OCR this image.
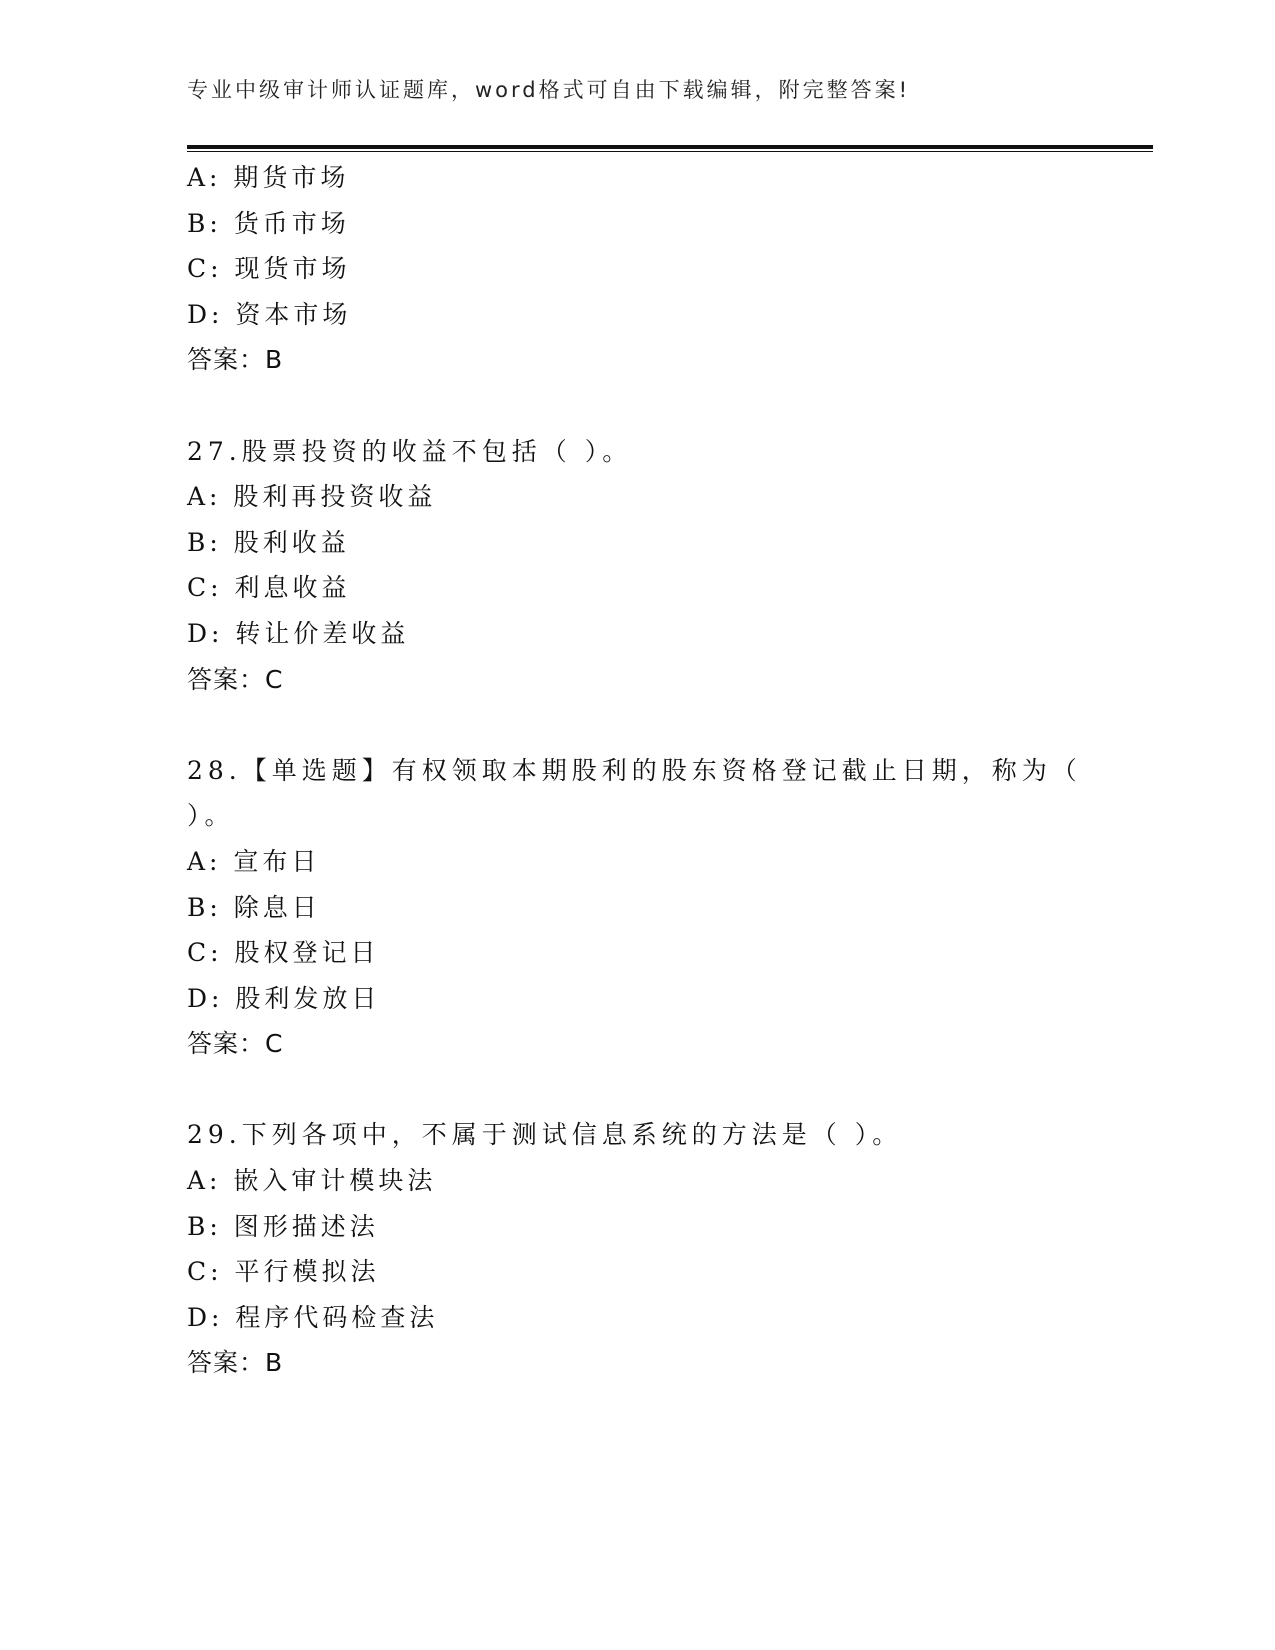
专业中级审计师认证题库，word格式可自由下载编辑，附完整答案!
A: 期货市场
B: 货币市场
C: 现货市场
D: 资本市场
答案：B
27.股票投资的收益不包括（ ）。
A: 股利再投资收益
B: 股利收益
C: 利息收益
D: 转让价差收益
答案：C
28.【单选题】有权领取本期股利的股东资格登记截止日期，称为（
）。
A: 宣布日
B: 除息日
C: 股权登记日
D: 股利发放日
答案：C
29.下列各项中，不属于测试信息系统的方法是（ ）。
A: 嵌入审计模块法
B: 图形描述法
C: 平行模拟法
D: 程序代码检查法
答案：B
